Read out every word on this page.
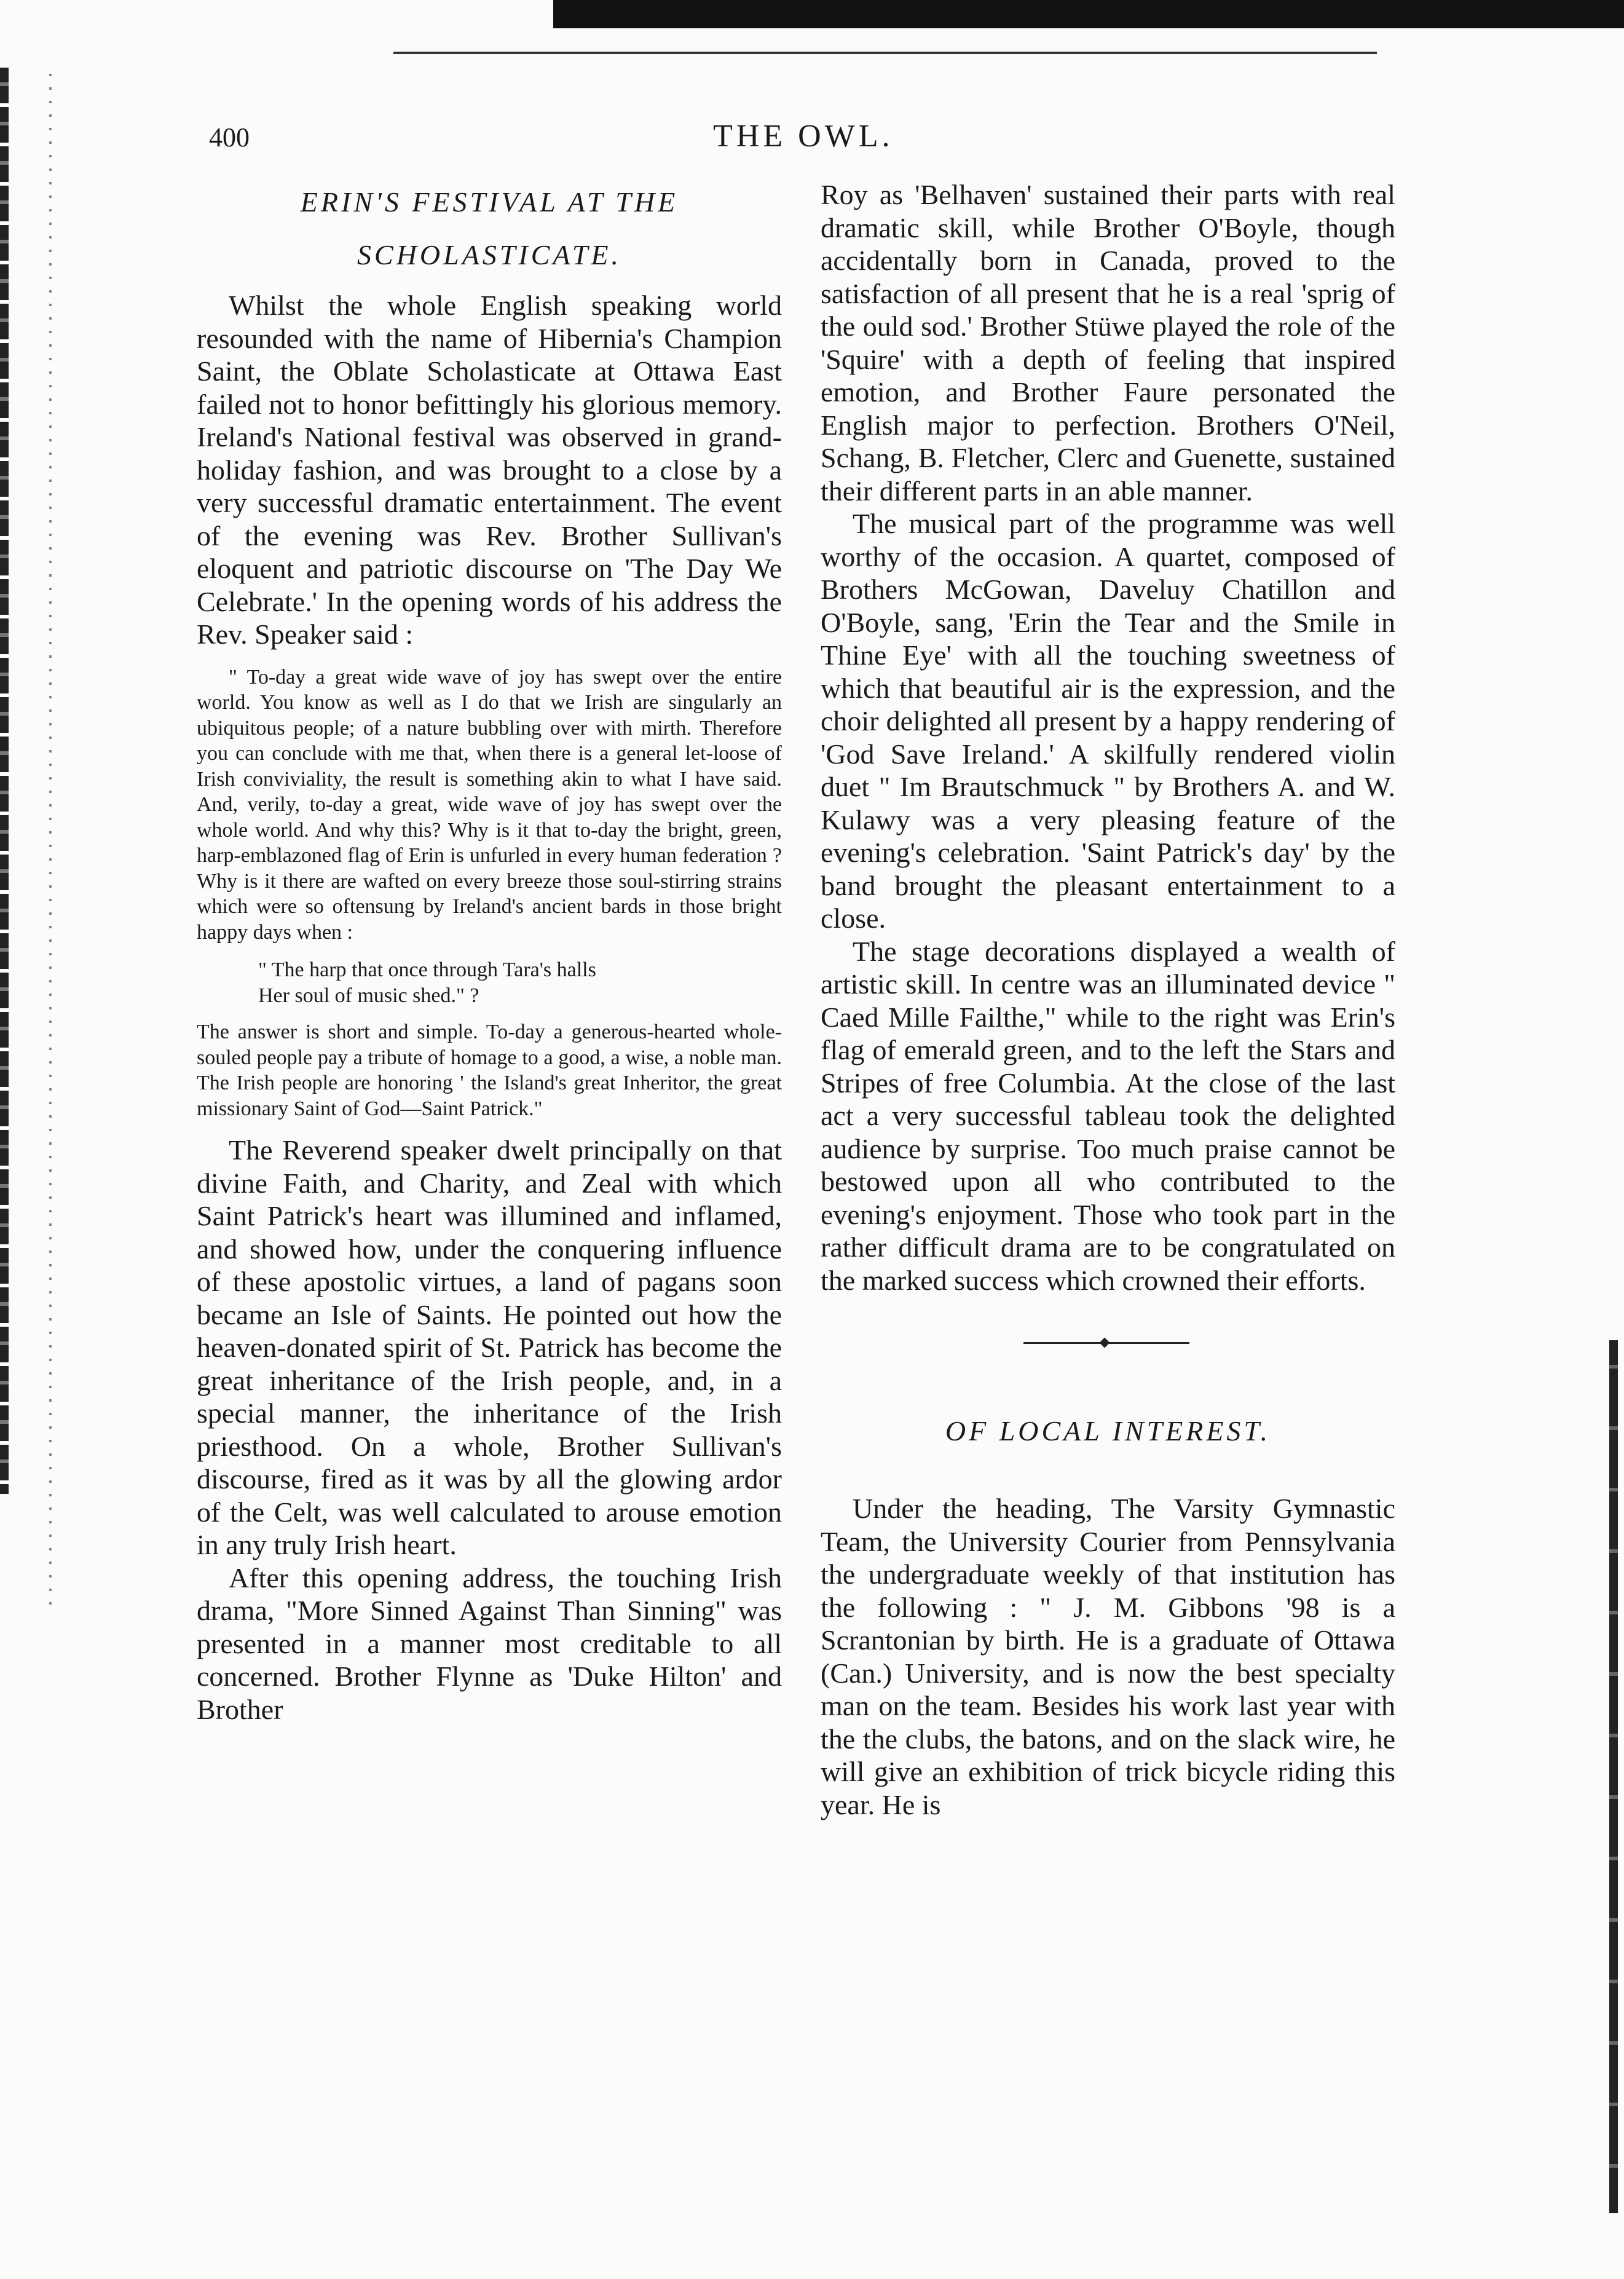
400	THE OWL.
ERIN'S FESTIVAL AT THE
SCHOLASTICATE.

Whilst the whole English speaking world resounded with the name of Hibernia's Champion Saint, the Oblate Scholasticate at Ottawa East failed not to honor befittingly his glorious memory. Ireland's National festival was observed in grand-holiday fashion, and was brought to a close by a very successful dramatic entertainment. The event of the evening was Rev. Brother Sullivan's eloquent and patriotic discourse on 'The Day We Celebrate.' In the opening words of his address the Rev. Speaker said :

" To-day a great wide wave of joy has swept over the entire world. You know as well as I do that we Irish are singularly an ubiquitous people; of a nature bubbling over with mirth. Therefore you can conclude with me that, when there is a general let-loose of Irish conviviality, the result is something akin to what I have said. And, verily, to-day a great, wide wave of joy has swept over the whole world. And why this? Why is it that to-day the bright, green, harp-emblazoned flag of Erin is unfurled in every human federation ? Why is it there are wafted on every breeze those soul-stirring strains which were so oftensung by Ireland's ancient bards in those bright happy days when :
" The harp that once through Tara's halls
Her soul of music shed." ?
The answer is short and simple. To-day a generous-hearted whole-souled people pay a tribute of homage to a good, a wise, a noble man. The Irish people are honoring ' the Island's great Inheritor, the great missionary Saint of God—Saint Patrick."

The Reverend speaker dwelt principally on that divine Faith, and Charity, and Zeal with which Saint Patrick's heart was illumined and inflamed, and showed how, under the conquering influence of these apostolic virtues, a land of pagans soon became an Isle of Saints. He pointed out how the heaven-donated spirit of St. Patrick has become the great inheritance of the Irish people, and, in a special manner, the inheritance of the Irish priesthood. On a whole, Brother Sullivan's discourse, fired as it was by all the glowing ardor of the Celt, was well calculated to arouse emotion in any truly Irish heart.

After this opening address, the touching Irish drama, "More Sinned Against Than Sinning" was presented in a manner most creditable to all concerned. Brother Flynne as 'Duke Hilton' and Brother

Roy as 'Belhaven' sustained their parts with real dramatic skill, while Brother O'Boyle, though accidentally born in Canada, proved to the satisfaction of all present that he is a real 'sprig of the ould sod.' Brother Stüwe played the role of the 'Squire' with a depth of feeling that inspired emotion, and Brother Faure personated the English major to perfection. Brothers O'Neil, Schang, B. Fletcher, Clerc and Guenette, sustained their different parts in an able manner.

The musical part of the programme was well worthy of the occasion. A quartet, composed of Brothers McGowan, Daveluy Chatillon and O'Boyle, sang, 'Erin the Tear and the Smile in Thine Eye' with all the touching sweetness of which that beautiful air is the expression, and the choir delighted all present by a happy rendering of 'God Save Ireland.' A skilfully rendered violin duet " Im Brautschmuck " by Brothers A. and W. Kulawy was a very pleasing feature of the evening's celebration. 'Saint Patrick's day' by the band brought the pleasant entertainment to a close.

The stage decorations displayed a wealth of artistic skill. In centre was an illuminated device " Caed Mille Failthe," while to the right was Erin's flag of emerald green, and to the left the Stars and Stripes of free Columbia. At the close of the last act a very successful tableau took the delighted audience by surprise. Too much praise cannot be bestowed upon all who contributed to the evening's enjoyment. Those who took part in the rather difficult drama are to be congratulated on the marked success which crowned their efforts.

OF LOCAL INTEREST.

Under the heading, The Varsity Gymnastic Team, the University Courier from Pennsylvania the undergraduate weekly of that institution has the following : " J. M. Gibbons '98 is a Scrantonian by birth. He is a graduate of Ottawa (Can.) University, and is now the best specialty man on the team. Besides his work last year with the the clubs, the batons, and on the slack wire, he will give an exhibition of trick bicycle riding this year. He is
